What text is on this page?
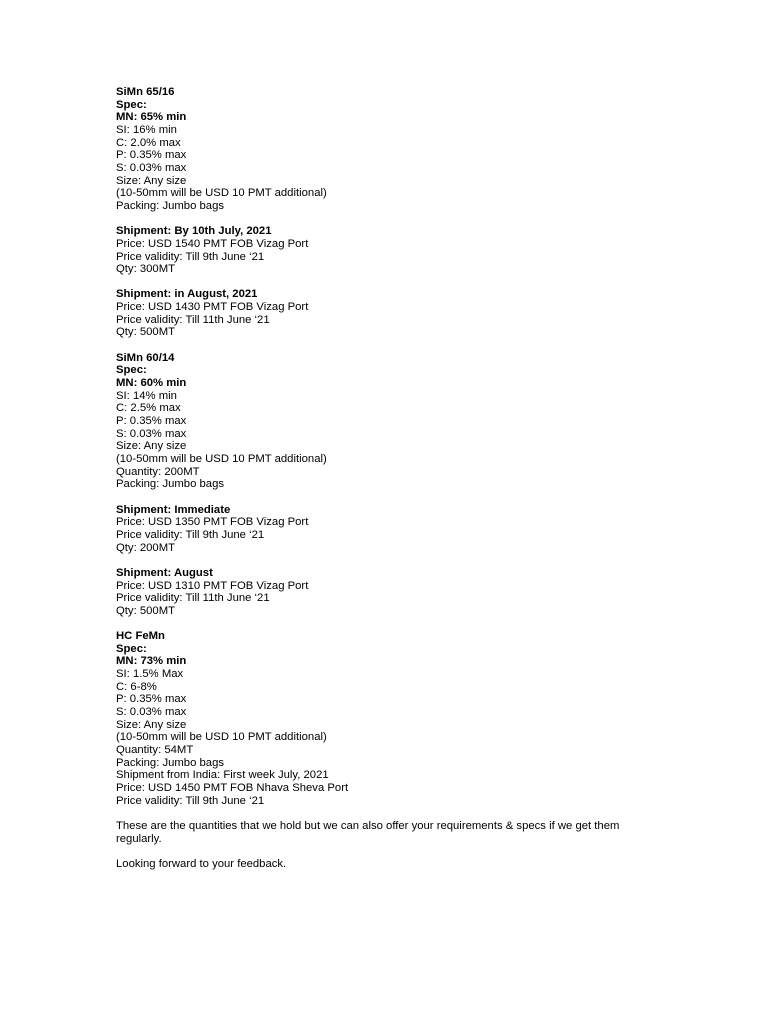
SiMn 65/16
Spec:
MN: 65% min
SI: 16% min
C: 2.0% max
P: 0.35% max
S: 0.03% max
Size: Any size
(10-50mm will be USD 10 PMT additional)
Packing: Jumbo bags
Shipment: By 10th July, 2021
Price: USD 1540 PMT FOB Vizag Port
Price validity: Till 9th June ‘21
Qty: 300MT
Shipment: in August, 2021
Price: USD 1430 PMT FOB Vizag Port
Price validity: Till 11th June ‘21
Qty: 500MT
SiMn 60/14
Spec:
MN: 60% min
SI: 14% min
C: 2.5% max
P: 0.35% max
S: 0.03% max
Size: Any size
(10-50mm will be USD 10 PMT additional)
Quantity: 200MT
Packing: Jumbo bags
Shipment: Immediate
Price: USD 1350 PMT FOB Vizag Port
Price validity: Till 9th June ‘21
Qty: 200MT
Shipment: August
Price: USD 1310 PMT FOB Vizag Port
Price validity: Till 11th June ‘21
Qty: 500MT
HC FeMn
Spec:
MN: 73% min
SI: 1.5% Max
C: 6-8%
P: 0.35% max
S: 0.03% max
Size: Any size
(10-50mm will be USD 10 PMT additional)
Quantity: 54MT
Packing: Jumbo bags
Shipment from India: First week July, 2021
Price: USD 1450 PMT FOB Nhava Sheva Port
Price validity: Till 9th June ‘21
These are the quantities that we hold but we can also offer your requirements & specs if we get them regularly.
Looking forward to your feedback.
